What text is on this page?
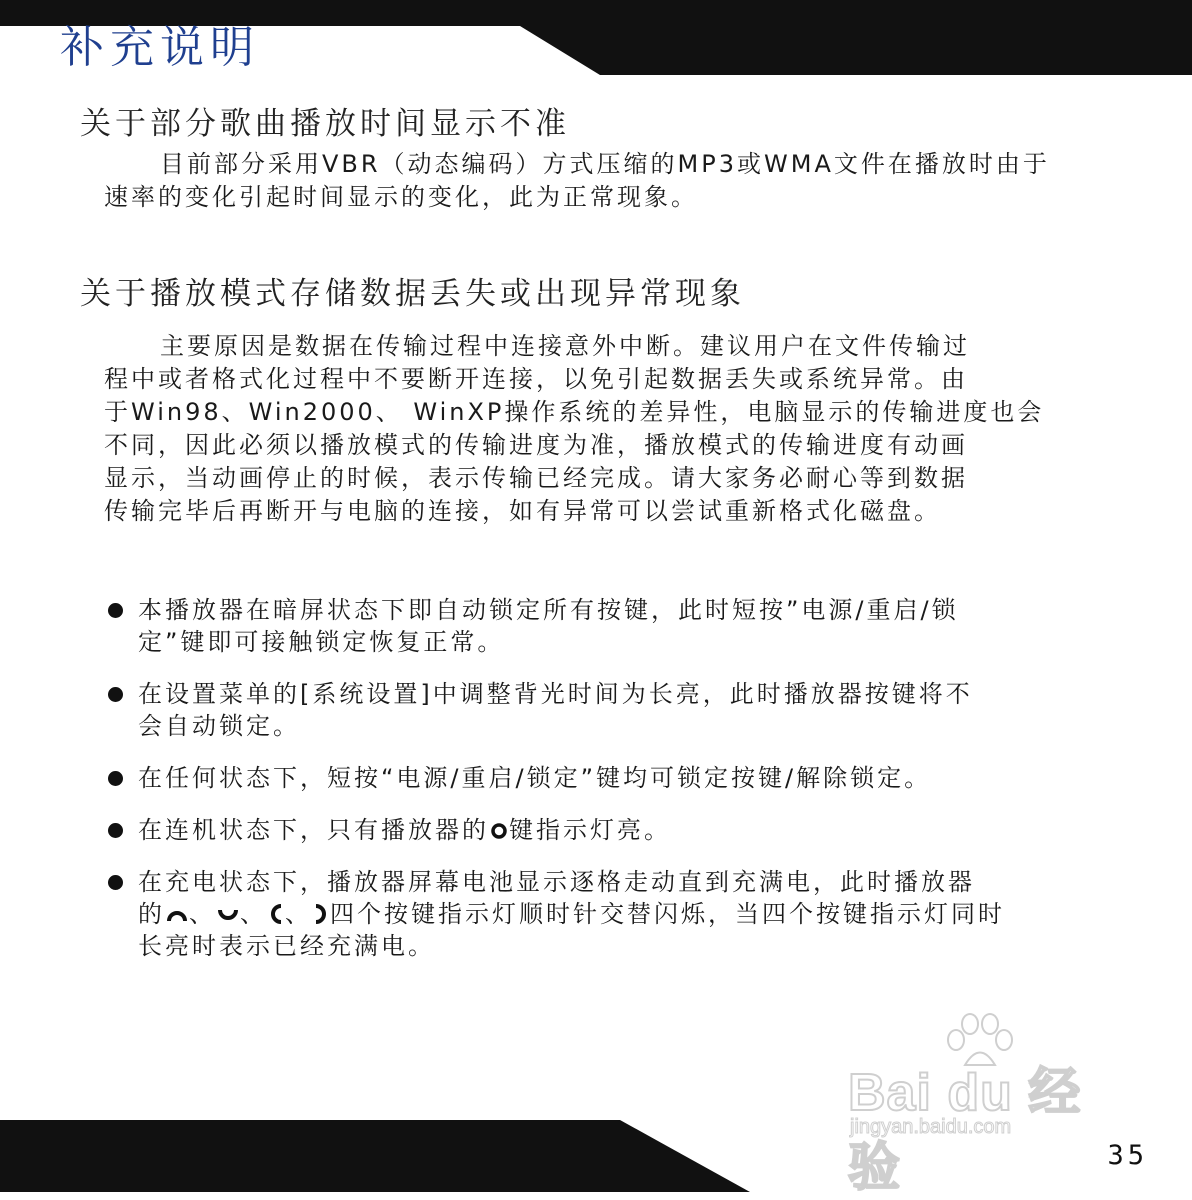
补充说明
关于部分歌曲播放时间显示不准

目前部分采用VBR（动态编码）方式压缩的MP3或WMA文件在播放时由于
速率的变化引起时间显示的变化，此为正常现象。

关于播放模式存储数据丢失或出现异常现象

主要原因是数据在传输过程中连接意外中断。建议用户在文件传输过
程中或者格式化过程中不要断开连接，以免引起数据丢失或系统异常。由
于Win98、Win2000、 WinXP操作系统的差异性，电脑显示的传输进度也会
不同，因此必须以播放模式的传输进度为准，播放模式的传输进度有动画
显示，当动画停止的时候，表示传输已经完成。请大家务必耐心等到数据
传输完毕后再断开与电脑的连接，如有异常可以尝试重新格式化磁盘。

本播放器在暗屏状态下即自动锁定所有按键，此时短按”电源/重启/锁
定”键即可接触锁定恢复正常。
在设置菜单的[系统设置]中调整背光时间为长亮，此时播放器按键将不
会自动锁定。
在任何状态下，短按“电源/重启/锁定”键均可锁定按键/解除锁定。
在连机状态下，只有播放器的 键指示灯亮。
在充电状态下，播放器屏幕电池显示逐格走动直到充满电，此时播放器
的 、 、 、 四个按键指示灯顺时针交替闪烁，当四个按键指示灯同时
长亮时表示已经充满电。
Bai du 经验
jingyan.baidu.com
35
